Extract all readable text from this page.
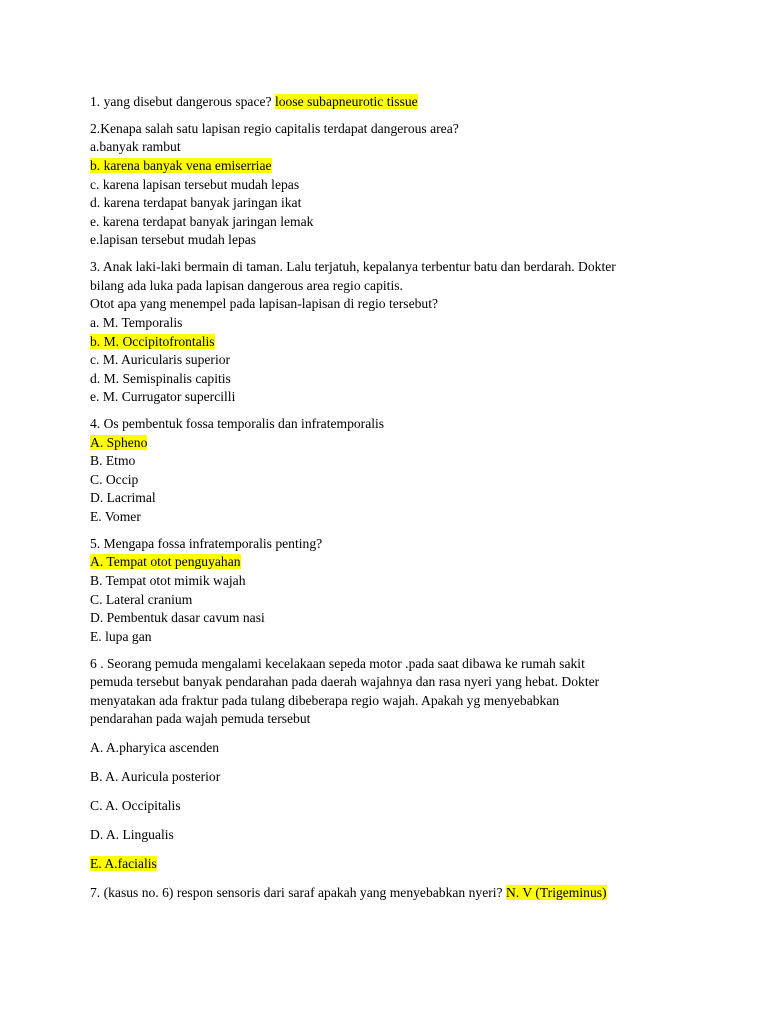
1. yang disebut dangerous space? loose subapneurotic tissue
2.Kenapa salah satu lapisan regio capitalis terdapat dangerous area?
a.banyak rambut
b. karena banyak vena emiserriae
c. karena lapisan tersebut mudah lepas
d. karena terdapat banyak jaringan ikat
e. karena terdapat banyak jaringan lemak
e.lapisan tersebut mudah lepas
3. Anak laki-laki bermain di taman. Lalu terjatuh, kepalanya terbentur batu dan berdarah. Dokter
bilang ada luka pada lapisan dangerous area regio capitis.
Otot apa yang menempel pada lapisan-lapisan di regio tersebut?
a. M. Temporalis
b. M. Occipitofrontalis
c. M. Auricularis superior
d. M. Semispinalis capitis
e. M. Currugator supercilli
4. Os pembentuk fossa temporalis dan infratemporalis
A. Spheno
B. Etmo
C. Occip
D. Lacrimal
E. Vomer
5. Mengapa fossa infratemporalis penting?
A. Tempat otot penguyahan
B. Tempat otot mimik wajah
C. Lateral cranium
D. Pembentuk dasar cavum nasi
E. lupa gan
6 . Seorang pemuda mengalami kecelakaan sepeda motor .pada saat dibawa ke rumah sakit
pemuda tersebut banyak pendarahan pada daerah wajahnya dan rasa nyeri yang hebat. Dokter
menyatakan ada fraktur pada tulang dibeberapa regio wajah. Apakah yg menyebabkan
pendarahan pada wajah pemuda tersebut
A. A.pharyica ascenden
B. A. Auricula posterior
C. A. Occipitalis
D. A. Lingualis
E. A.facialis
7. (kasus no. 6) respon sensoris dari saraf apakah yang menyebabkan nyeri? N. V (Trigeminus)
